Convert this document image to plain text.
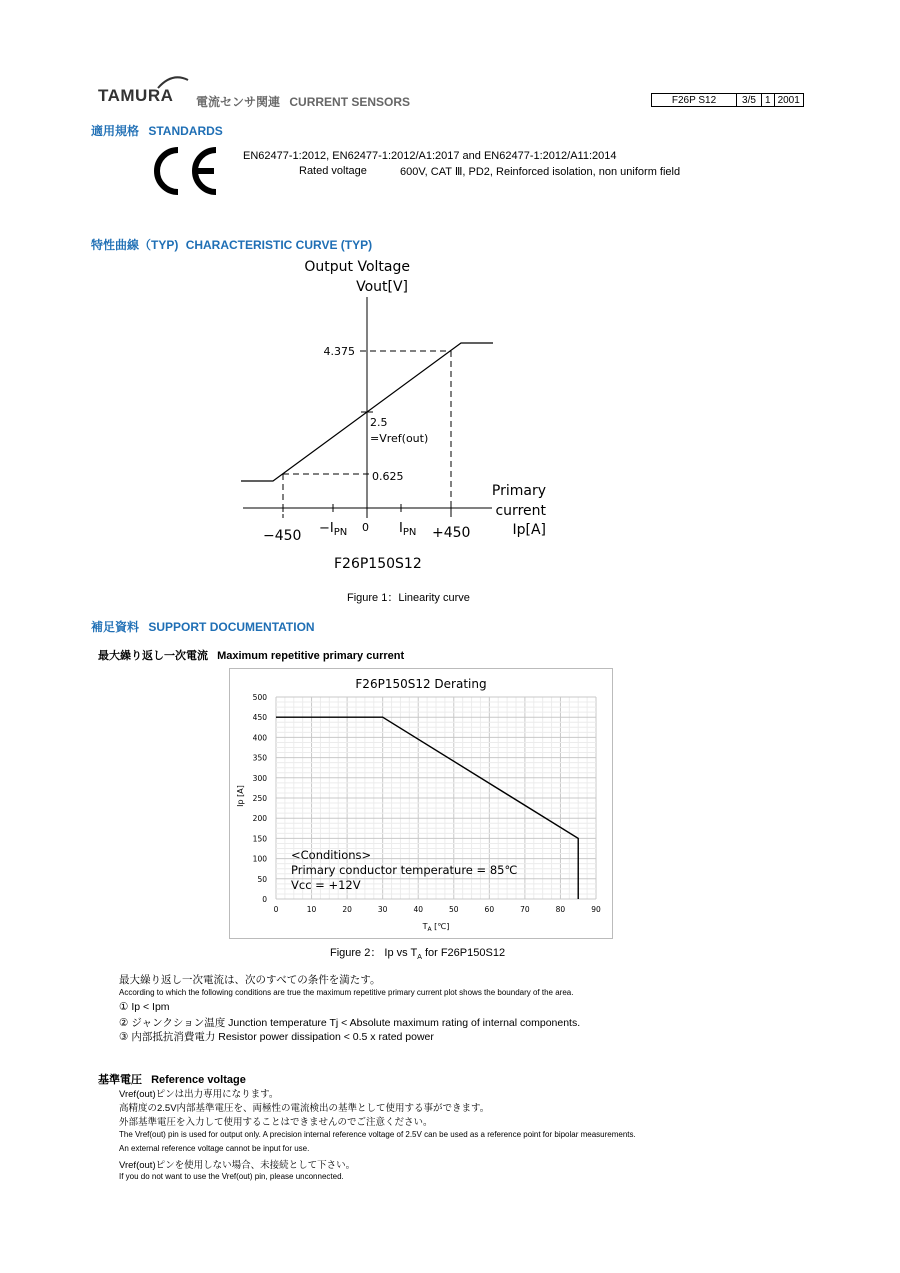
TAMURA 電流センサ関連 CURRENT SENSORS	F26P S12	3/5	1	2001
適用規格 STANDARDS
EN62477-1:2012, EN62477-1:2012/A1:2017 and EN62477-1:2012/A11:2014
Rated voltage	600V, CAT Ⅲ, PD2, Reinforced isolation, non uniform field
特性曲線（TYP) CHARACTERISTIC CURVE (TYP)
Output Voltage
Vout[V]
4.375
2.5
=Vref(out)
0.625
$-450 -I_{PN}$ 0 $I_{PN} +450$
Primary
current
Ip[A]
F26P150S12
Figure 1：Linearity curve
補足資料 SUPPORT DOCUMENTATION
最大繰り返し一次電流 Maximum repetitive primary current
F26P150S12 Derating
0
50
100
150
200
250
300
350
400
450
500
0	10	20	30	40	50	60	70	80	90
Ip [A]
$T_A$ [℃]
<Conditions>
Primary conductor temperature = 85℃
Vcc = +12V
Figure 2： Ip vs $T_A$ for F26P150S12
最大繰り返し一次電流は、次のすべての条件を満たす。
According to which the following conditions are true the maximum repetitive primary current plot shows the boundary of the area.
① Ip < Ipm
② ジャンクション温度 Junction temperature Tj < Absolute maximum rating of internal components.
③ 内部抵抗消費電力 Resistor power dissipation < 0.5 x rated power
基準電圧 Reference voltage
Vref(out)ピンは出力専用になります。
高精度の2.5V内部基準電圧を、両極性の電流検出の基準として使用する事ができます。
外部基準電圧を入力して使用することはできませんのでご注意ください。
The Vref(out) pin is used for output only. A precision internal reference voltage of 2.5V can be used as a reference point for bipolar measurements.
An external reference voltage cannot be input for use.
Vref(out)ピンを使用しない場合、未接続として下さい。
If you do not want to use the Vref(out) pin, please unconnected.
